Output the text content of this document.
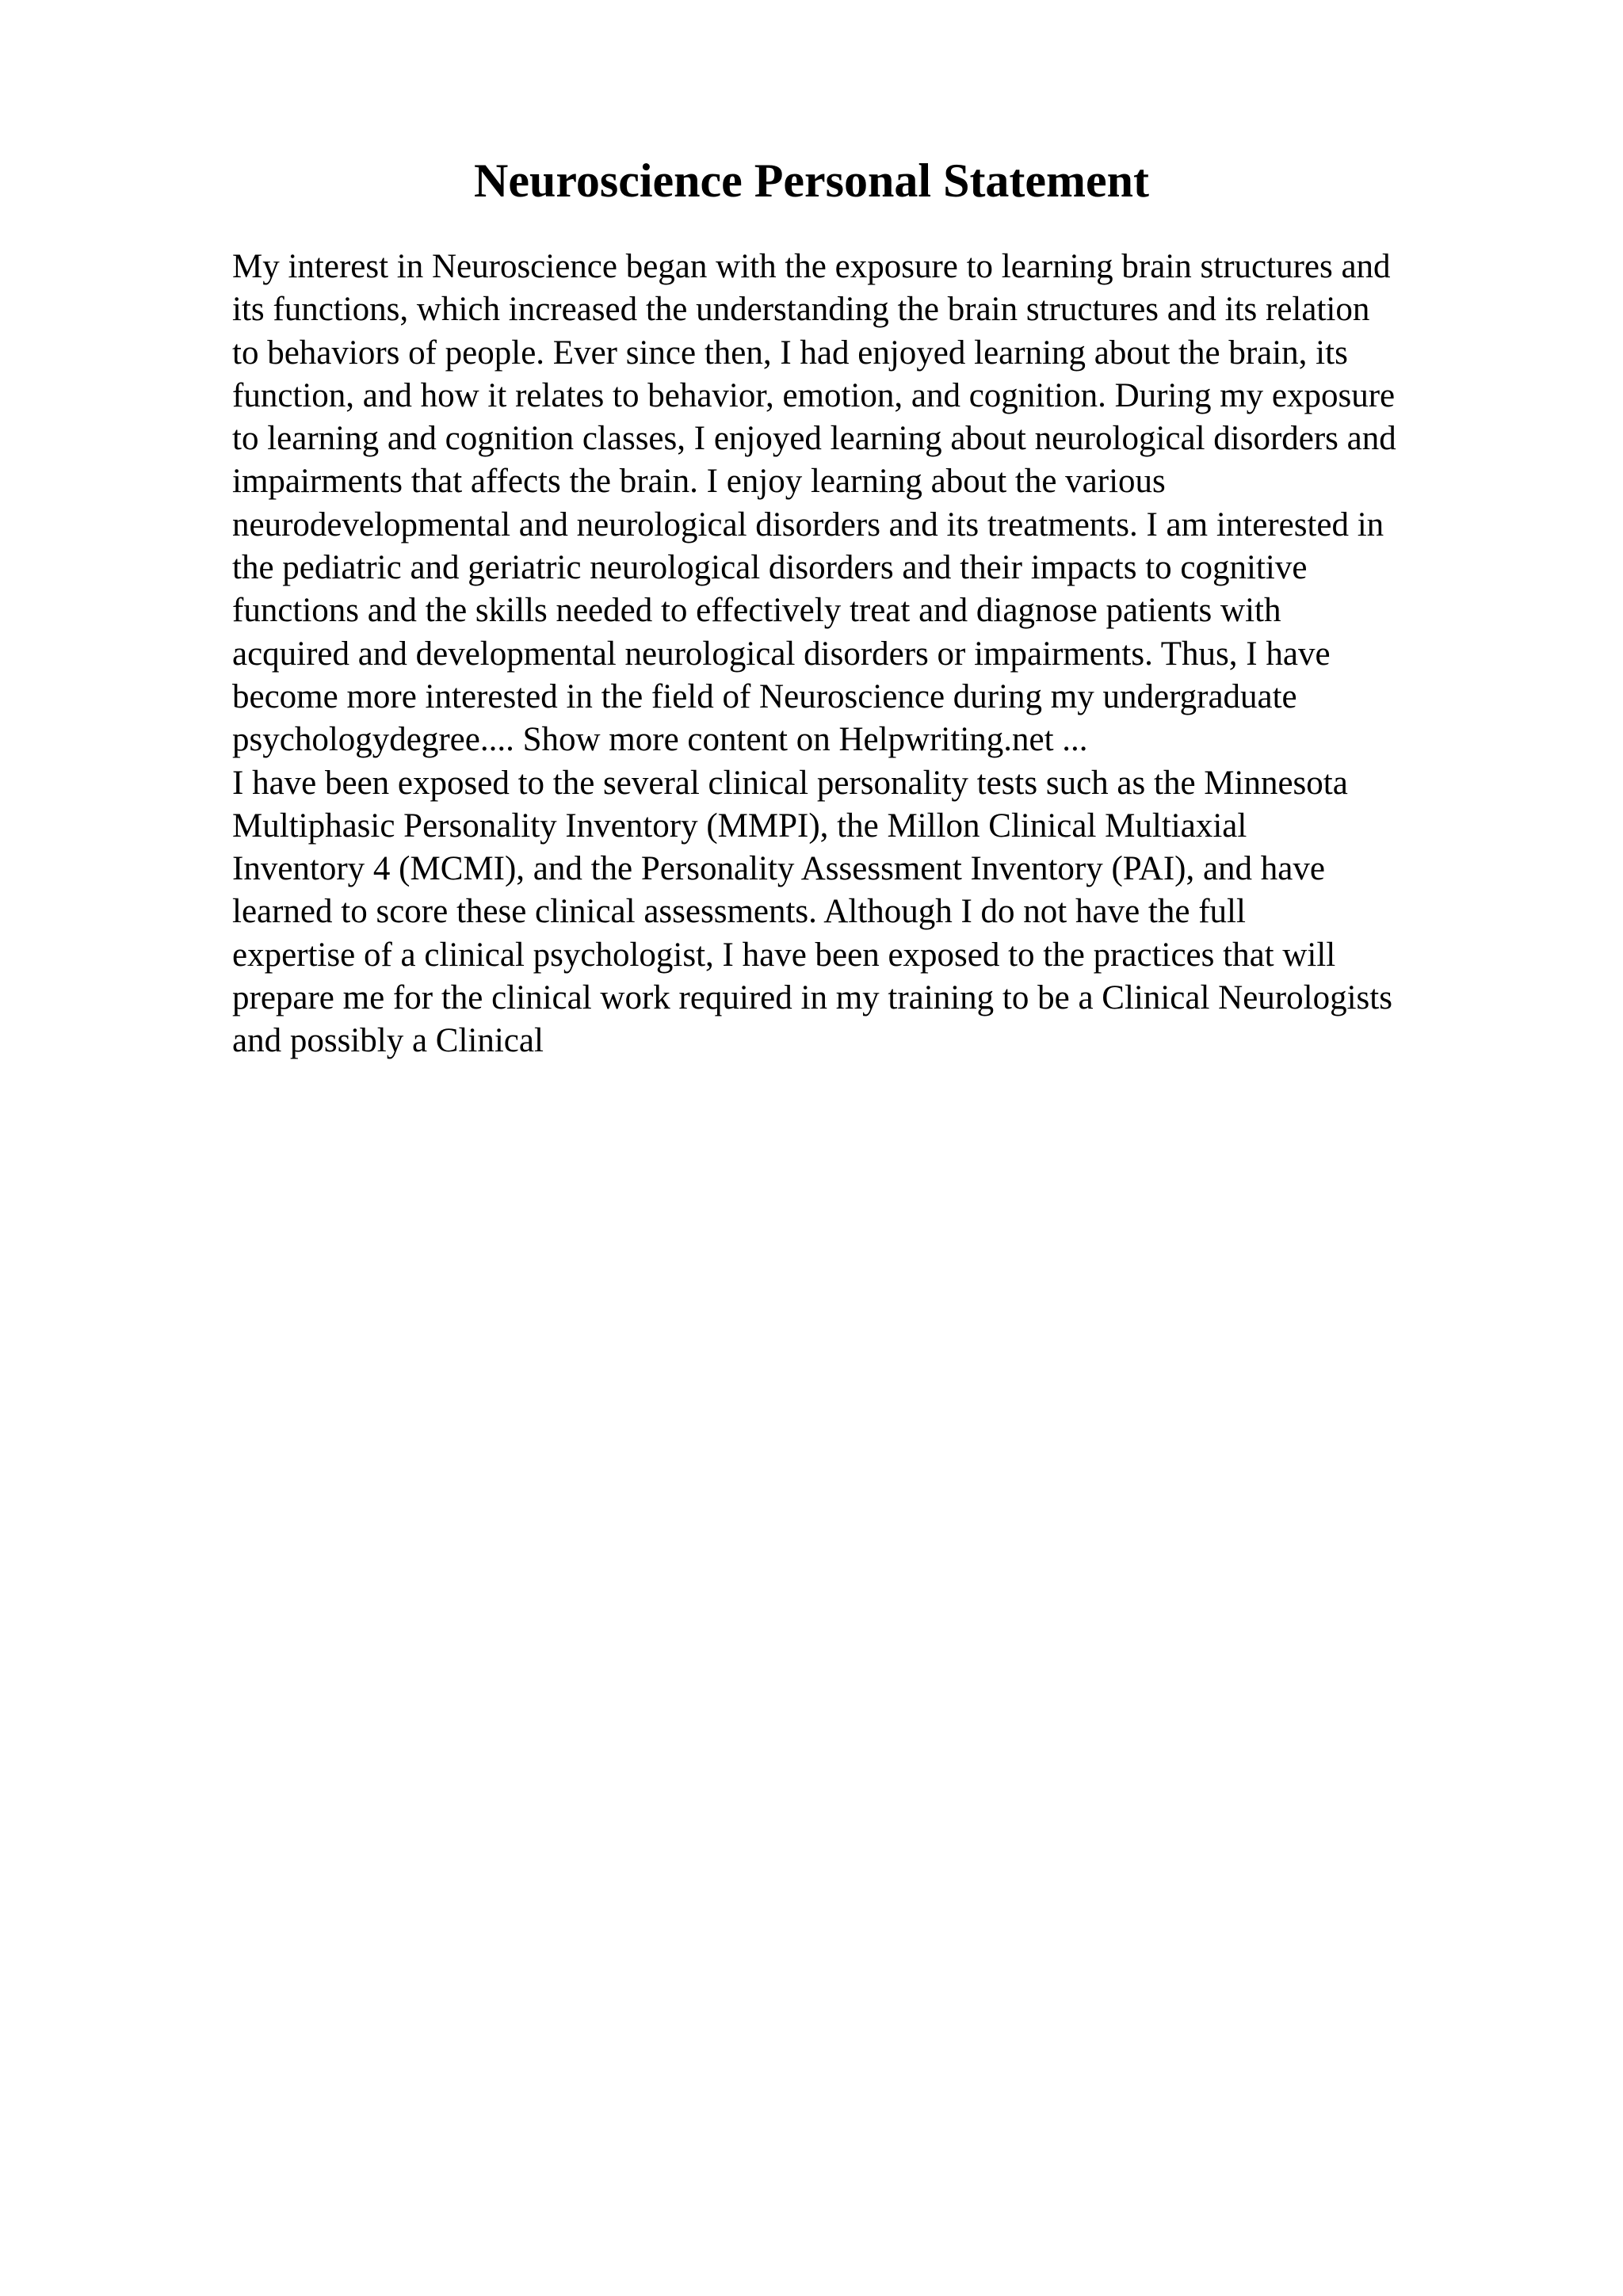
Neuroscience Personal Statement
My interest in Neuroscience began with the exposure to learning brain structures and
its functions, which increased the understanding the brain structures and its relation
to behaviors of people. Ever since then, I had enjoyed learning about the brain, its
function, and how it relates to behavior, emotion, and cognition. During my exposure
to learning and cognition classes, I enjoyed learning about neurological disorders and
impairments that affects the brain. I enjoy learning about the various
neurodevelopmental and neurological disorders and its treatments. I am interested in
the pediatric and geriatric neurological disorders and their impacts to cognitive
functions and the skills needed to effectively treat and diagnose patients with
acquired and developmental neurological disorders or impairments. Thus, I have
become more interested in the field of Neuroscience during my undergraduate
psychologydegree.... Show more content on Helpwriting.net ...
I have been exposed to the several clinical personality tests such as the Minnesota
Multiphasic Personality Inventory (MMPI), the Millon Clinical Multiaxial
Inventory 4 (MCMI), and the Personality Assessment Inventory (PAI), and have
learned to score these clinical assessments. Although I do not have the full
expertise of a clinical psychologist, I have been exposed to the practices that will
prepare me for the clinical work required in my training to be a Clinical Neurologists
and possibly a Clinical
